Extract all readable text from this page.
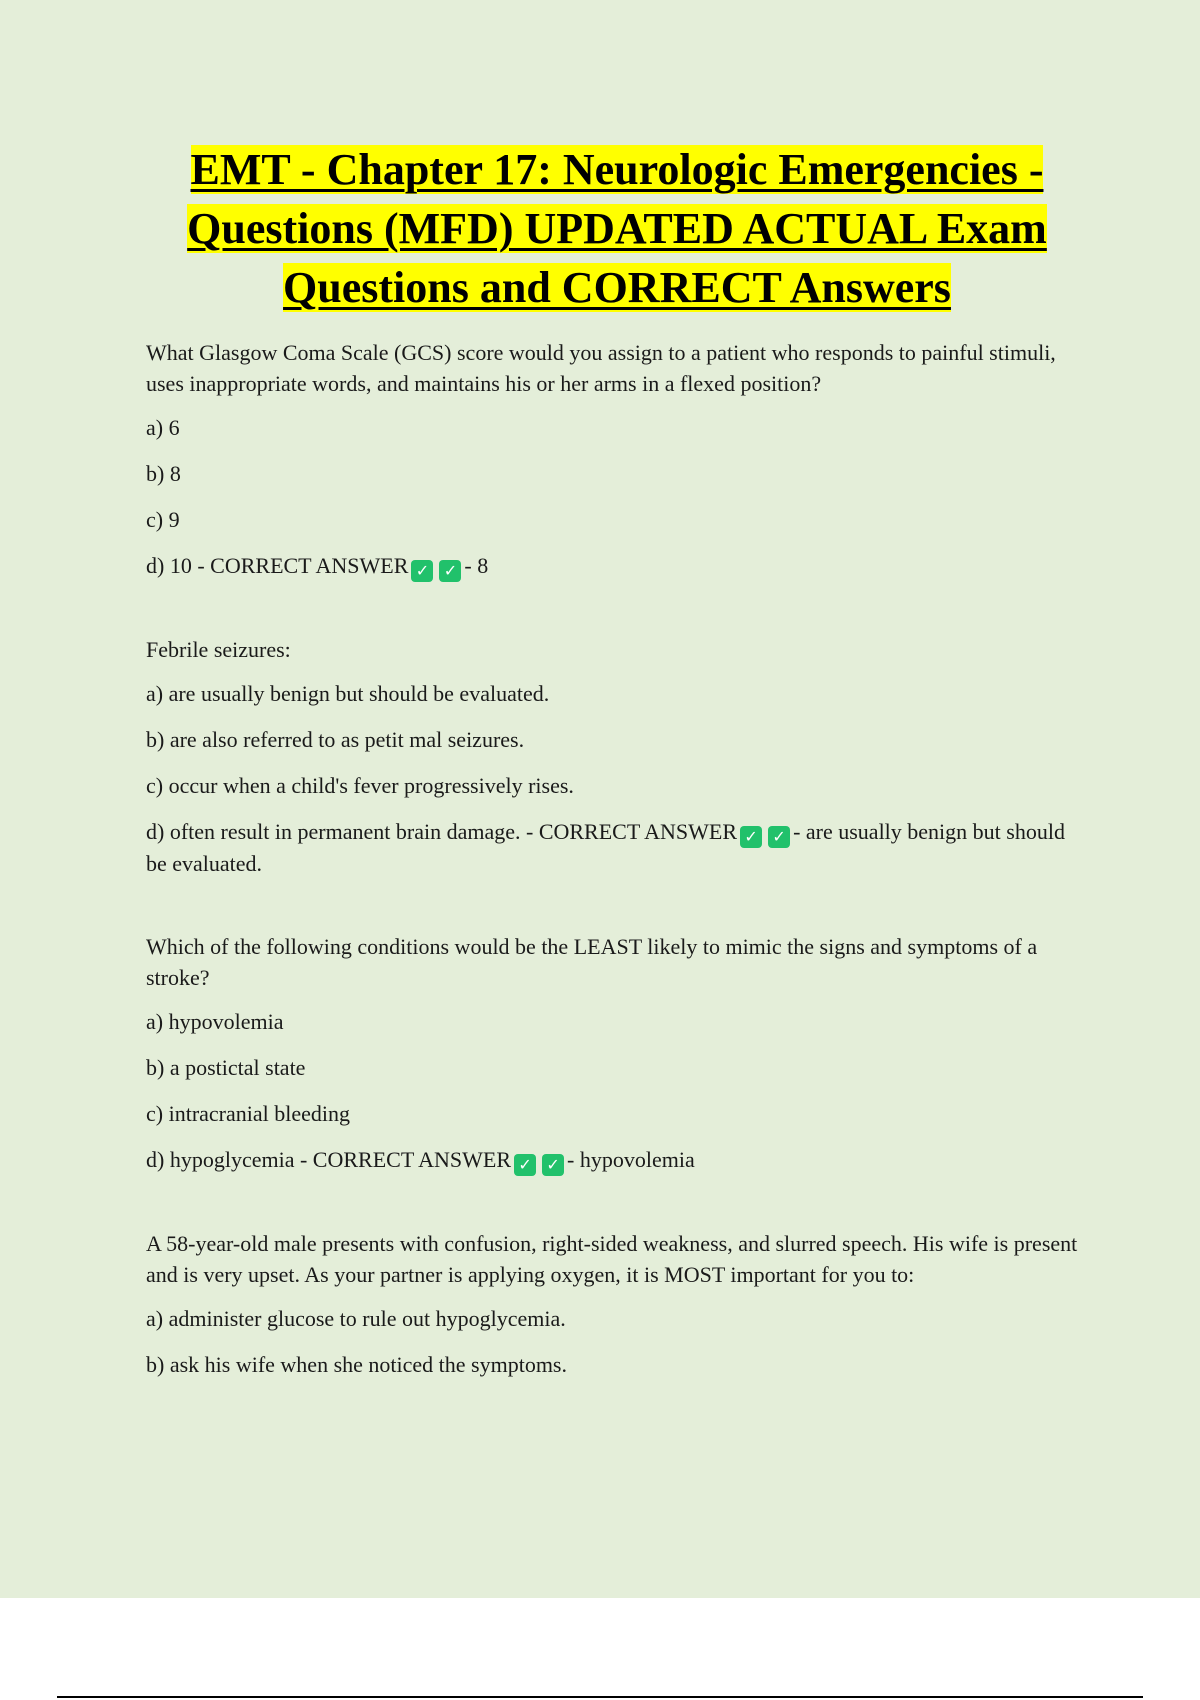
EMT - Chapter 17: Neurologic Emergencies - Questions (MFD) UPDATED ACTUAL Exam Questions and CORRECT Answers

What Glasgow Coma Scale (GCS) score would you assign to a patient who responds to painful stimuli, uses inappropriate words, and maintains his or her arms in a flexed position?

a) 6

b) 8

c) 9

d) 10 - CORRECT ANSWER ✓ ✓ - 8

Febrile seizures:

a) are usually benign but should be evaluated.

b) are also referred to as petit mal seizures.

c) occur when a child's fever progressively rises.

d) often result in permanent brain damage. - CORRECT ANSWER ✓ ✓ - are usually benign but should be evaluated.

Which of the following conditions would be the LEAST likely to mimic the signs and symptoms of a stroke?

a) hypovolemia

b) a postictal state

c) intracranial bleeding

d) hypoglycemia - CORRECT ANSWER ✓ ✓ - hypovolemia

A 58-year-old male presents with confusion, right-sided weakness, and slurred speech. His wife is present and is very upset. As your partner is applying oxygen, it is MOST important for you to:

a) administer glucose to rule out hypoglycemia.

b) ask his wife when she noticed the symptoms.
